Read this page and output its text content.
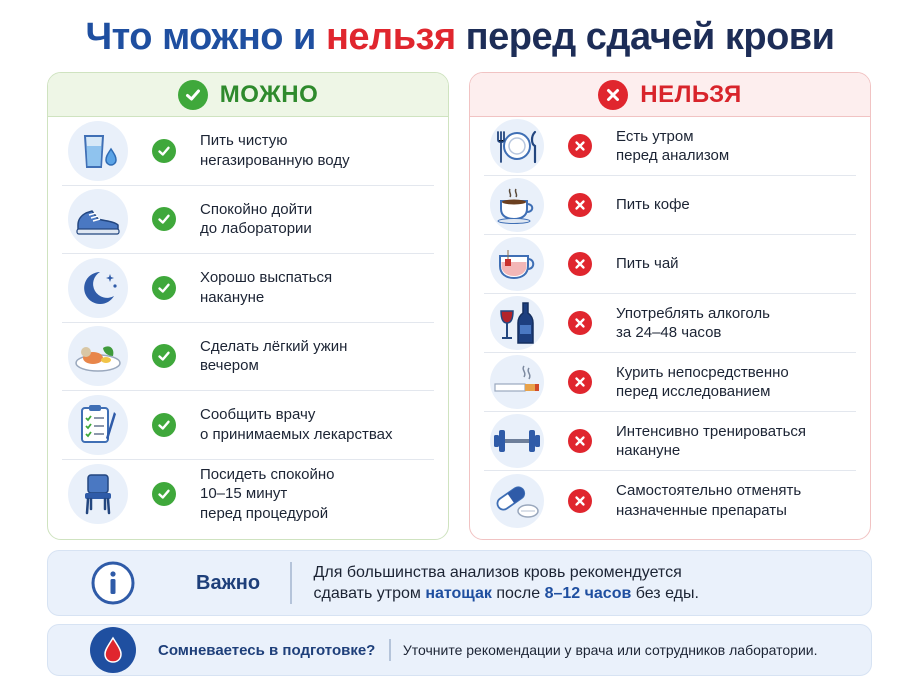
Что можно и нельзя перед сдачей крови
МОЖНО
Пить чистую
негазированную воду
Спокойно дойти
до лаборатории
Хорошо выспаться
накануне
Сделать лёгкий ужин
вечером
Сообщить врачу
о принимаемых лекарствах
Посидеть спокойно
10–15 минут
перед процедурой
НЕЛЬЗЯ
Есть утром
перед анализом
Пить кофе
Пить чай
Употреблять алкоголь
за 24–48 часов
Курить непосредственно
перед исследованием
Интенсивно тренироваться
накануне
Самостоятельно отменять
назначенные препараты
Важно	Для большинства анализов кровь рекомендуется
сдавать утром натощак после 8–12 часов без еды.
Сомневаетесь в подготовке? Уточните рекомендации у врача или сотрудников лаборатории.
